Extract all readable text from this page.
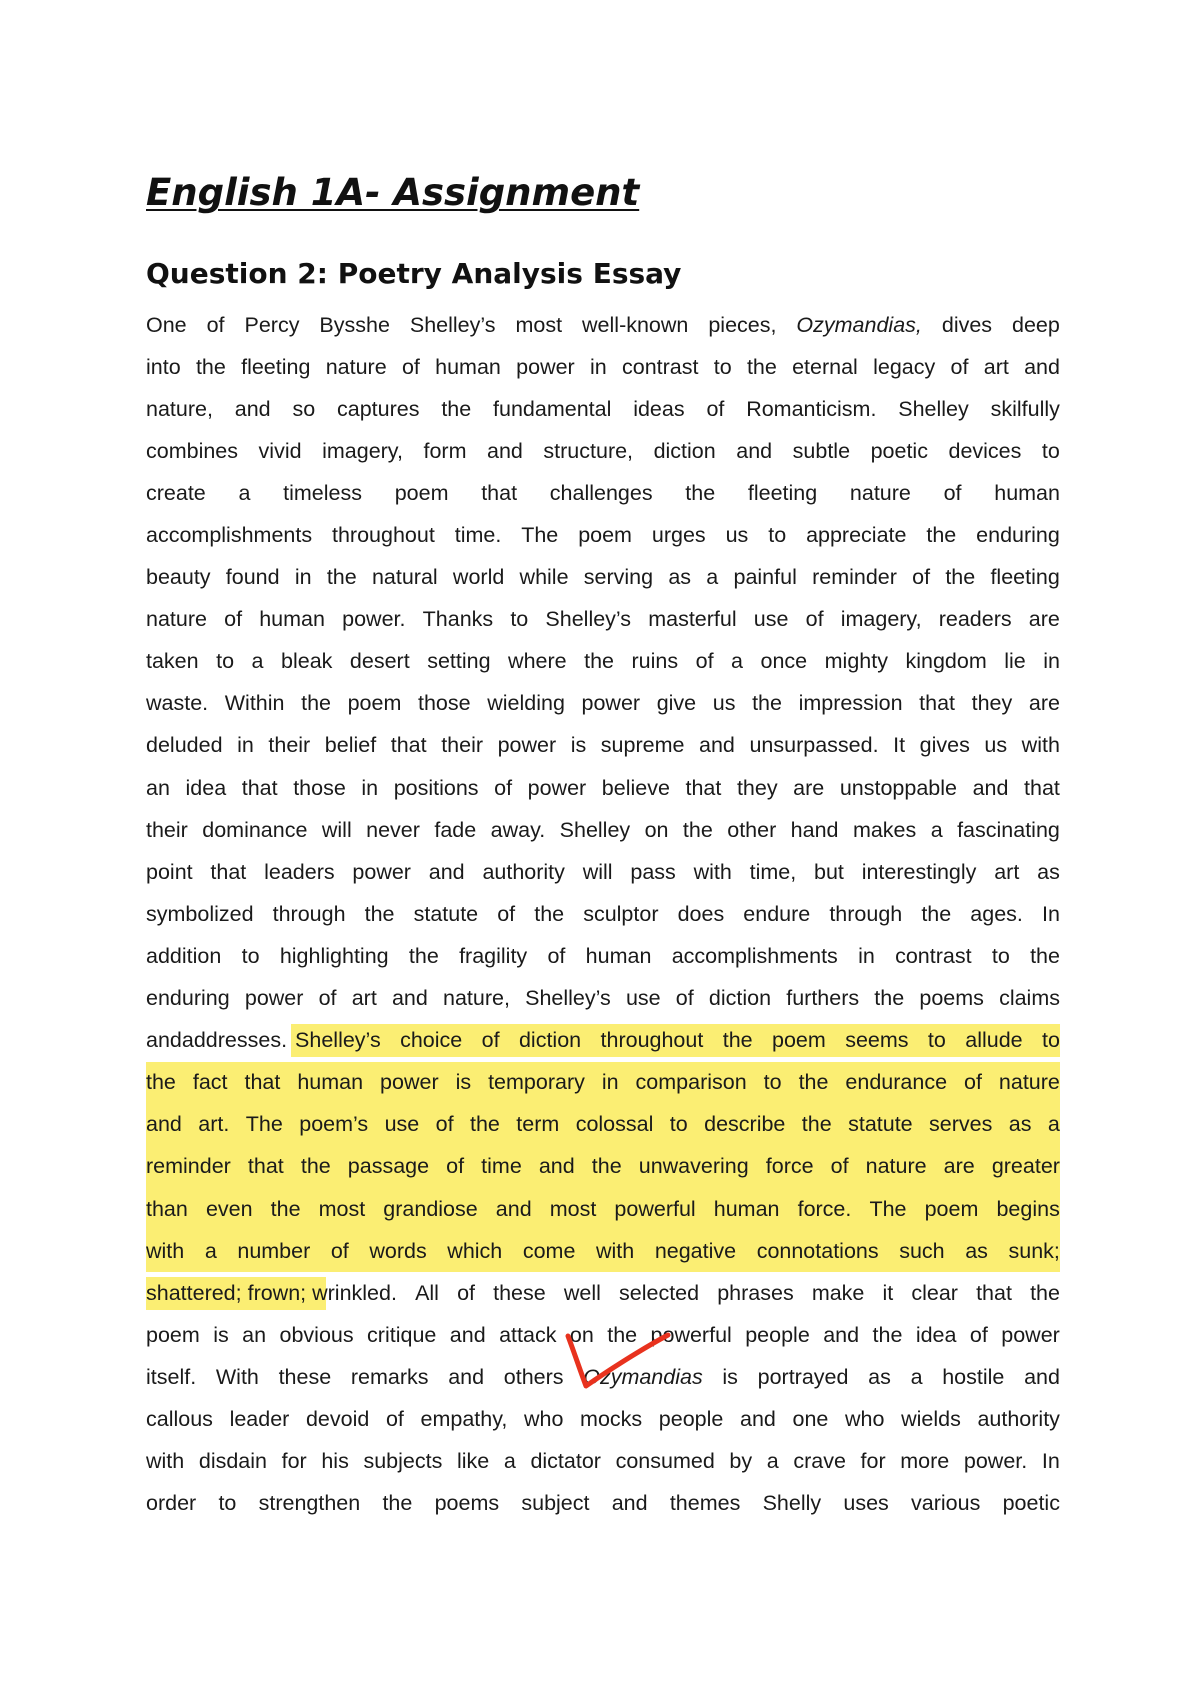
English 1A- Assignment
Question 2: Poetry Analysis Essay
One of Percy Bysshe Shelley’s most well-known pieces, Ozymandias, dives deep
into the fleeting nature of human power in contrast to the eternal legacy of art and
nature, and so captures the fundamental ideas of Romanticism. Shelley skilfully
combines vivid imagery, form and structure, diction and subtle poetic devices to
create a timeless poem that challenges the fleeting nature of human
accomplishments throughout time. The poem urges us to appreciate the enduring
beauty found in the natural world while serving as a painful reminder of the fleeting
nature of human power. Thanks to Shelley’s masterful use of imagery, readers are
taken to a bleak desert setting where the ruins of a once mighty kingdom lie in
waste. Within the poem those wielding power give us the impression that they are
deluded in their belief that their power is supreme and unsurpassed. It gives us with
an idea that those in positions of power believe that they are unstoppable and that
their dominance will never fade away. Shelley on the other hand makes a fascinating
point that leaders power and authority will pass with time, but interestingly art as
symbolized through the statute of the sculptor does endure through the ages. In
addition to highlighting the fragility of human accomplishments in contrast to the
enduring power of art and nature, Shelley’s use of diction furthers the poems claims
and addresses. Shelley’s choice of diction throughout the poem seems to allude to
the fact that human power is temporary in comparison to the endurance of nature
and art. The poem’s use of the term colossal to describe the statute serves as a
reminder that the passage of time and the unwavering force of nature are greater
than even the most grandiose and most powerful human force. The poem begins
with a number of words which come with negative connotations such as sunk;
shattered; frown; wrinkled. All of these well selected phrases make it clear that the
poem is an obvious critique and attack on the powerful people and the idea of power
itself. With these remarks and others Ozymandias is portrayed as a hostile and
callous leader devoid of empathy, who mocks people and one who wields authority
with disdain for his subjects like a dictator consumed by a crave for more power. In
order to strengthen the poems subject and themes Shelly uses various poetic
